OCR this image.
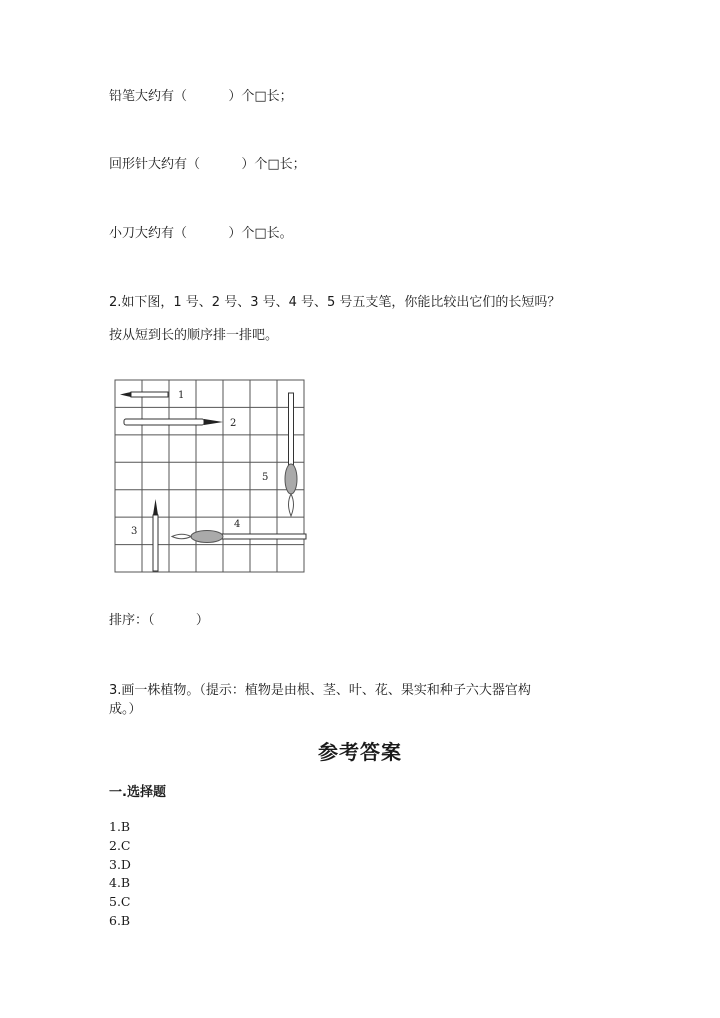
铅笔大约有（          ）个□长；
回形针大约有（          ）个□长；
小刀大约有（          ）个□长。
2.如下图，1 号、2 号、3 号、4 号、5 号五支笔，你能比较出它们的长短吗？
按从短到长的顺序排一排吧。
1
2
3
4
5
排序：（          ）
3.画一株植物。（提示：植物是由根、茎、叶、花、果实和种子六大器官构
成。）
参考答案
一.选择题
1.B
2.C
3.D
4.B
5.C
6.B
